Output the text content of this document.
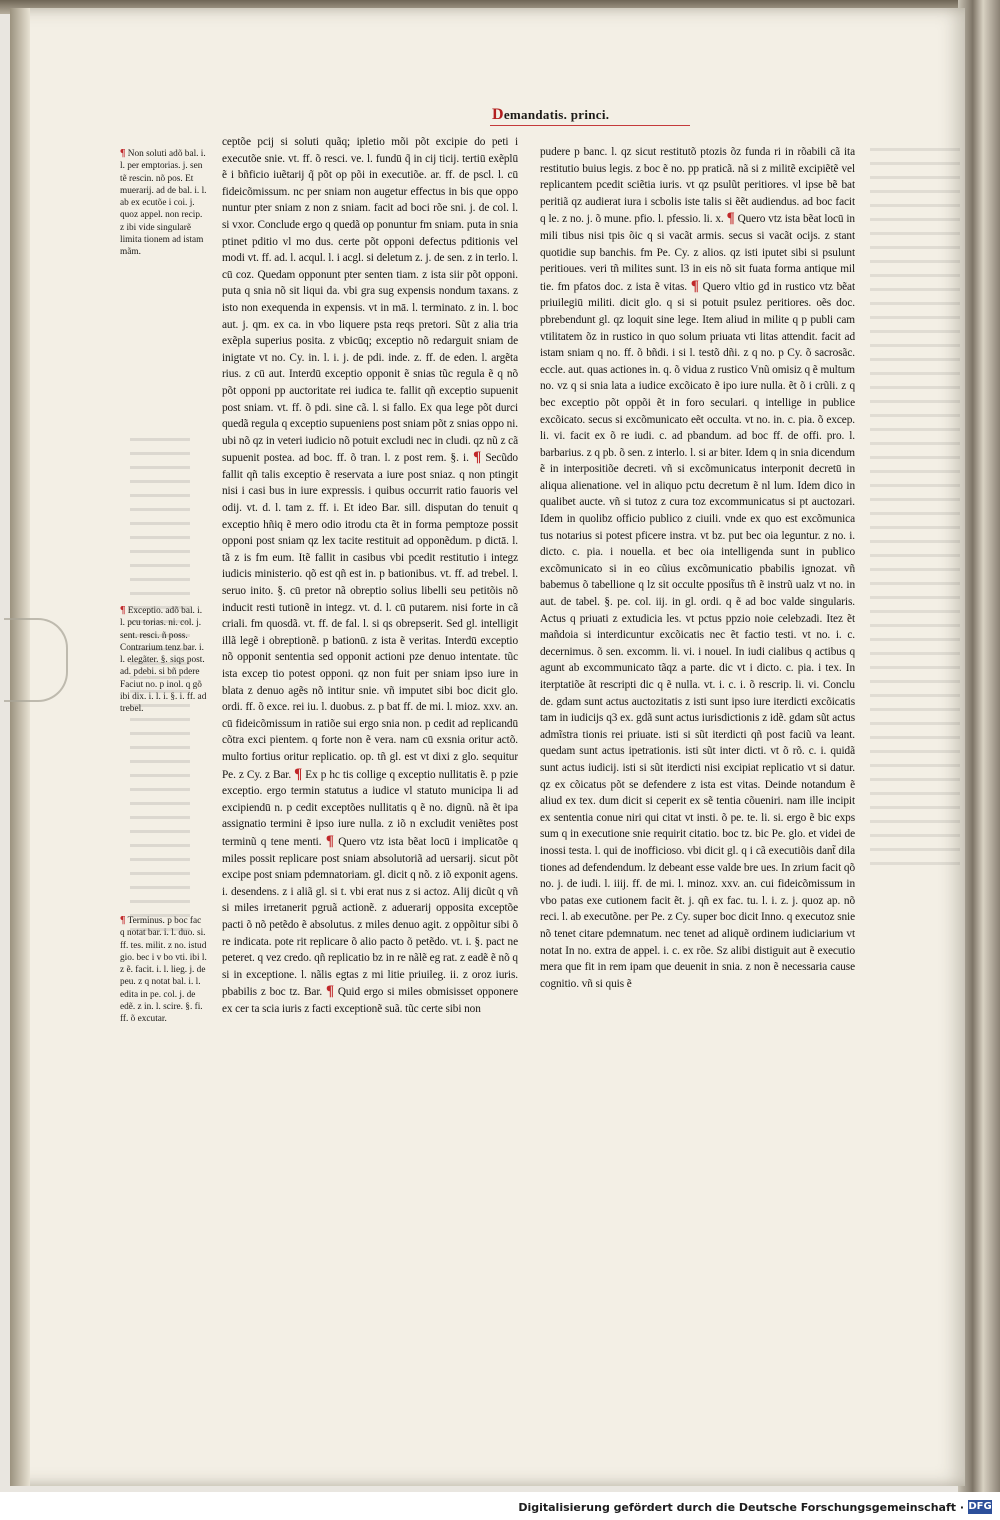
Demandatis. princi.
¶ Non soluti adõ bal. i. l. per emptorias. j. sen tẽ rescin. nõ pos. Et muerarij. ad de bal. i. l. ab ex ecutõe i coi. j. quoz appel. non recip. z ibi vide singularẽ limita tionem ad istam mãm.
¶ Exceptio. adõ bal. i. l. pcu torias. ni. col. j. sent. resci. ñ poss. Contrarium tenz bar. i. l. elegãter. §. siqs post. ad. pdebi. si bñ pdere Faciut no. p inol. q gõ ibi dix. i. l. i. §. i. ff. ad trebel.
¶ Terminus. p boc fac q notat bar. i. l. duo. si. ff. tes. milit. z no. istud gio. bec i v bo vti. ibi l. z ẽ. facit. i. l. lieg. j. de peu. z q notat bal. i. l. edita in pe. col. j. de edẽ. z in. l. scire. §. fi. ff. õ excutar.
ceptõe pcij si soluti quãq; ipletio mõi põt excipie do peti i executõe snie. vt. ff. õ resci. ve. l. fundū q̃ in cij ticij. tertiū exẽplū ẽ i bñficio iuẽtarij q̃ põt op põi in executiõe. ar. ff. de pscl. l. cū fideicõmissum. nc per sniam non augetur effectus in bis que oppo nuntur pter sniam z non z sniam. facit ad boci rõe sni. j. de col. l. si vxor. Conclude ergo q quedã op ponuntur fm sniam. puta in snia ptinet pditio vl mo dus. certe põt opponi defectus pditionis vel modi vt. ff. ad. l. acqul. l. i acgl. si deletum z. j. de sen. z in terlo. l. cū coz. Quedam opponunt pter senten tiam. z ista siir põt opponi. puta q snia nõ sit liqui da. vbi gra sug expensis nondum taxans. z isto non exequenda in expensis. vt in mā. l. terminato. z in. l. boc aut. j. qm. ex ca. in vbo liquere psta reqs pretori. Sũt z alia tria exẽpla superius posita. z vbicūq; exceptio nõ redarguit sniam de inigtate vt no. Cy. in. l. i. j. de pdi. inde. z. ff. de eden. l. argẽta rius. z cū aut. Interdū exceptio opponit ẽ snias tũc regula ẽ q nõ põt opponi pp auctoritate rei iudica te. fallit qñ exceptio supuenit post sniam. vt. ff. õ pdi. sine cã. l. si fallo. Ex qua lege põt durci quedã regula q exceptio supueniens post sniam põt z snias oppo ni. ubi nõ qz in veteri iudicio nõ potuit excludi nec in cludi. qz nũ z cã supuenit postea. ad boc. ff. õ tran. l. z post rem. §. i. ¶ Secũdo fallit qñ talis exceptio ẽ reservata a iure post sniaz. q non ptingit nisi i casi bus in iure expressis. i quibus occurrit ratio fauoris vel odij. vt. d. l. tam z. ff. i. Et ideo Bar. sill. disputan do tenuit q exceptio hñiq ẽ mero odio itrodu cta ẽt in forma pemptoze possit opponi post sniam qz lex tacite restituit ad opponẽdum. p dictā. l. tã z is fm eum. Itẽ fallit in casibus vbi pcedit restitutio i integz iudicis ministerio. qõ est qñ est in. p bationibus. vt. ff. ad trebel. l. seruo inito. §. cū pretor nã obreptio solius libelli seu petitõis nõ inducit resti tutionẽ in integz. vt. d. l. cū putarem. nisi forte in cã criali. fm quosdã. vt. ff. de fal. l. si qs obrepserit. Sed gl. intelligit illã legẽ i obreptionẽ. p bationū. z ista ẽ veritas. Interdū exceptio nõ opponit sententia sed opponit actioni pze denuo intentate. tũc ista excep tio potest opponi. qz non fuit per sniam ipso iure in blata z denuo agẽs nõ intitur snie. vñ imputet sibi boc dicit glo. ordi. ff. õ exce. rei iu. l. duobus. z. p bat ff. de mi. l. mioz. xxv. an. cū fideicõmissum in ratiõe sui ergo snia non. p cedit ad replicandū cõtra exci pientem. q forte non ẽ vera. nam cū exsnia oritur actõ. multo fortius oritur replicatio. op. tñ gl. est vt dixi z glo. sequitur Pe. z Cy. z Bar. ¶ Ex p hc tis collige q exceptio nullitatis ẽ. p pzie exceptio. ergo termin statutus a iudice vl statuto municipa li ad excipiendū n. p cedit exceptões nullitatis q ẽ no. dignũ. nã ẽt ipa assignatio termini ẽ ipso iure nulla. z iõ n excludit veniẽtes post terminũ q tene menti. ¶ Quero vtz ista bẽat locū i implicatõe q miles possit replicare post sniam absolutoriã ad uersarij. sicut põt excipe post sniam pdemnatoriam. gl. dicit q nõ. z iõ exponit agens. i. desendens. z i aliã gl. si t. vbi erat nus z si actoz. Alij dicũt q vñ si miles irretanerit pgruã actionẽ. z aduerarij opposita exceptõe pacti õ nõ petẽdo ẽ absolutus. z miles denuo agit. z oppõitur sibi õ re indicata. pote rit replicare õ alio pacto õ petẽdo. vt. i. §. pact ne peteret. q vez credo. qñ replicatio bz in re nãlẽ eg rat. z eadẽ ẽ nõ q si in exceptione. l. nãlis egtas z mi litie priuileg. ii. z oroz iuris. pbabilis z boc tz. Bar. ¶ Quid ergo si miles obmisisset opponere ex cer ta scia iuris z facti exceptionẽ suã. tũc certe sibi non
pudere p banc. l. qz sicut restitutõ ptozis õz funda ri in rõabili cã ita restitutio buius legis. z boc ẽ no. pp praticã. nã si z militẽ excipiẽtẽ vel replicantem pcedit sciẽtia iuris. vt qz psulũt peritiores. vl ipse bẽ bat peritiã qz audierat iura i scbolis iste talis si ẽẽt audiendus. ad boc facit q le. z no. j. õ mune. pfio. l. pfessio. li. x. ¶ Quero vtz ista bẽat locū in mili tibus nisi tpis õic q si vacãt armis. secus si vacãt ocijs. z stant quotidie sup banchis. fm Pe. Cy. z alios. qz isti iputet sibi si psulunt peritioues. veri tñ milites sunt. l3 in eis nõ sit fuata forma antique mil tie. fm pfatos doc. z ista ẽ vitas. ¶ Quero vltio gd in rustico vtz bẽat priuilegiū militi. dicit glo. q si si potuit psulez peritiores. oẽs doc. pbrebendunt gl. qz loquit sine lege. Item aliud in milite q p publi cam vtilitatem õz in rustico in quo solum priuata vti litas attendit. facit ad istam sniam q no. ff. õ bñdi. i si l. testõ dñi. z q no. p Cy. õ sacrosãc. eccle. aut. quas actiones in. q. õ vidua z rustico Vnũ omisiz q ẽ multum no. vz q si snia lata a iudice excõicato ẽ ipo iure nulla. ẽt õ i crũli. z q bec exceptio põt oppõi ẽt in foro seculari. q intellige in publice excõicato. secus si excõmunicato eẽt occulta. vt no. in. c. pia. õ excep. li. vi. facit ex õ re iudi. c. ad pbandum. ad boc ff. de offi. pro. l. barbarius. z q pb. õ sen. z interlo. l. si ar biter. Idem q in snia dicendum ẽ in interpositiõe decreti. vñ si excõmunicatus interponit decretū in aliqua alienatione. vel in aliquo pctu decretum ẽ nl lum. Idem dico in qualibet aucte. vñ si tutoz z cura toz excommunicatus si pt auctozari. Idem in quolibz officio publico z ciuili. vnde ex quo est excõmunica tus notarius si potest pficere instra. vt bz. put bec oia leguntur. z no. i. dicto. c. pia. i nouella. et bec oia intelligenda sunt in publico excõmunicato si in eo cũius excõmunicatio pbabilis ignozat. vñ babemus õ tabellione q lz sit occulte pposit̃us tñ ẽ instrũ ualz vt no. in aut. de tabel. §. pe. col. iij. in gl. ordi. q ẽ ad boc valde singularis. Actus q priuati z extudicia les. vt pctus ppzio noie celebzadi. Itez ẽt mañdoia si interdicuntur excõicatis nec ẽt factio testi. vt no. i. c. decernimus. õ sen. excomm. li. vi. i nouel. In iudi cialibus q actibus q agunt ab excommunicato tãqz a parte. dic vt i dicto. c. pia. i tex. In iterptatiõe ãt rescripti dic q ẽ nulla. vt. i. c. i. õ rescrip. li. vi. Conclu de. gdam sunt actus auctozitatis z isti sunt ipso iure iterdicti excõicatis tam in iudicijs q3 ex. gdã sunt actus iurisdictionis z idẽ. gdam sũt actus admĩstra tionis rei priuate. isti si sũt iterdicti qñ post faciũ va leant. quedam sunt actus ipetrationis. isti sũt inter dicti. vt õ rõ. c. i. quidã sunt actus iudicij. isti si sũt iterdicti nisi excipiat replicatio vt si datur. qz ex cõicatus põt se defendere z ista est vitas. Deinde notandum ẽ aliud ex tex. dum dicit si ceperit ex sẽ tentia cõueniri. nam ille incipit ex sententia conue niri qui citat vt insti. õ pe. te. li. si. ergo ẽ bic exps sum q in executione snie requirit citatio. boc tz. bic Pe. glo. et videi de inossi testa. l. qui de inofficioso. vbi dicit gl. q i cã executiõis dant̃ dila tiones ad defendendum. lz debeant esse valde bre ues. In zrium facit qõ no. j. de iudi. l. iiij. ff. de mi. l. minoz. xxv. an. cui fideicõmissum in vbo patas exe cutionem facit ẽt. j. qñ ex fac. tu. l. i. z. j. quoz ap. nõ reci. l. ab executõne. per Pe. z Cy. super boc dicit Inno. q executoz snie nõ tenet citare pdemnatum. nec tenet ad aliquẽ ordinem iudiciarium vt notat In no. extra de appel. i. c. ex rõe. Sz alibi distiguit aut ẽ executio mera que fit in rem ipam que deuenit in snia. z non ẽ necessaria cause cognitio. vñ si quis ẽ
Digitalisierung gefördert durch die Deutsche Forschungsgemeinschaft · DFG
